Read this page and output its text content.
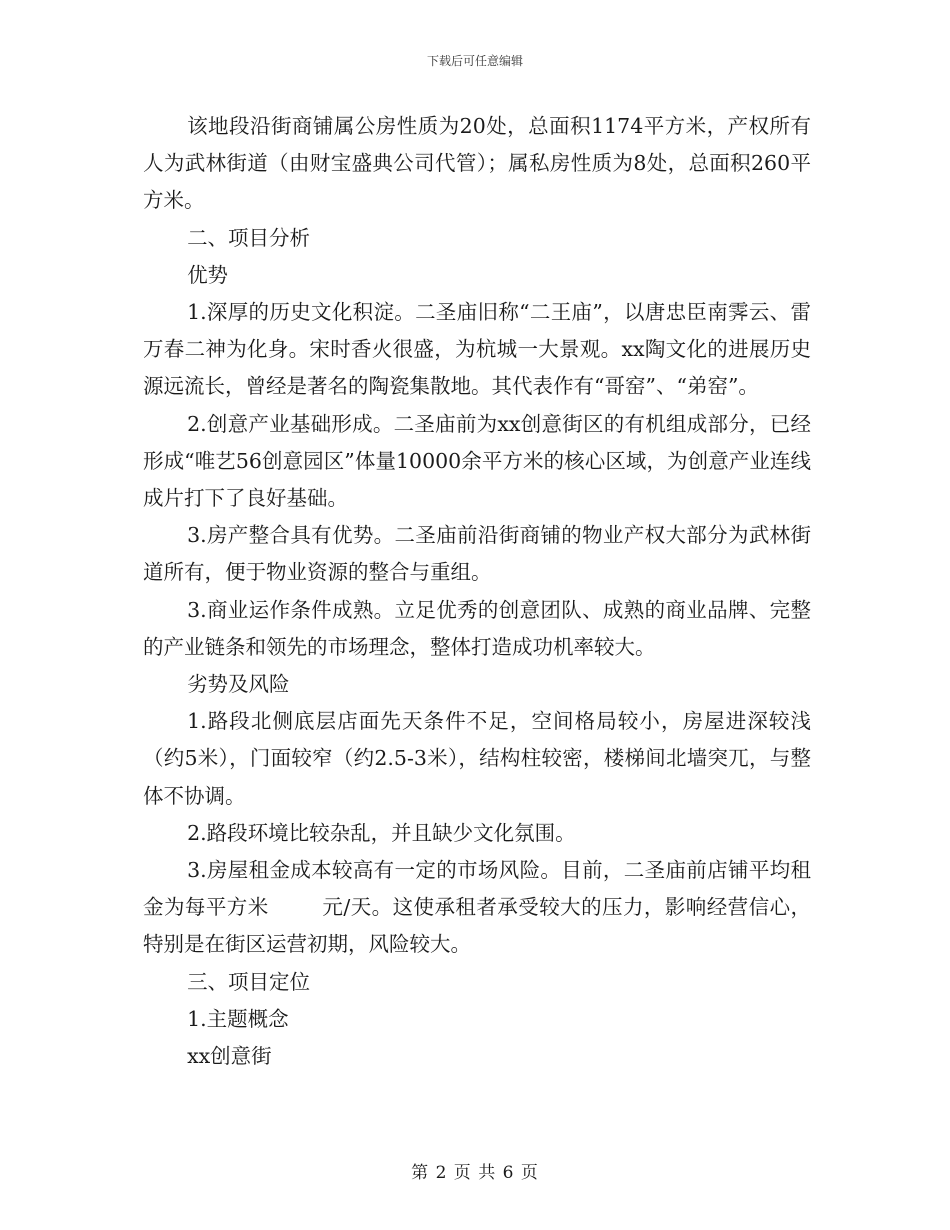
下载后可任意编辑

该地段沿街商铺属公房性质为20处，总面积1174平方米，产权所有人为武林街道（由财宝盛典公司代管）；属私房性质为8处，总面积260平方米。

二、项目分析

优势

1.深厚的历史文化积淀。二圣庙旧称“二王庙”，以唐忠臣南霁云、雷万春二神为化身。宋时香火很盛，为杭城一大景观。xx陶文化的进展历史源远流长，曾经是著名的陶瓷集散地。其代表作有“哥窑”、“弟窑”。

2.创意产业基础形成。二圣庙前为xx创意街区的有机组成部分，已经形成“唯艺56创意园区”体量10000余平方米的核心区域，为创意产业连线成片打下了良好基础。

3.房产整合具有优势。二圣庙前沿街商铺的物业产权大部分为武林街道所有，便于物业资源的整合与重组。

3.商业运作条件成熟。立足优秀的创意团队、成熟的商业品牌、完整的产业链条和领先的市场理念，整体打造成功机率较大。

劣势及风险

1.路段北侧底层店面先天条件不足，空间格局较小，房屋进深较浅（约5米），门面较窄（约2.5-3米），结构柱较密，楼梯间北墙突兀，与整体不协调。

2.路段环境比较杂乱，并且缺少文化氛围。

3.房屋租金成本较高有一定的市场风险。目前，二圣庙前店铺平均租金为每平方米	元/天。这使承租者承受较大的压力，影响经营信心，特别是在街区运营初期，风险较大。

三、项目定位

1.主题概念

xx创意街

第 2 页 共 6 页
